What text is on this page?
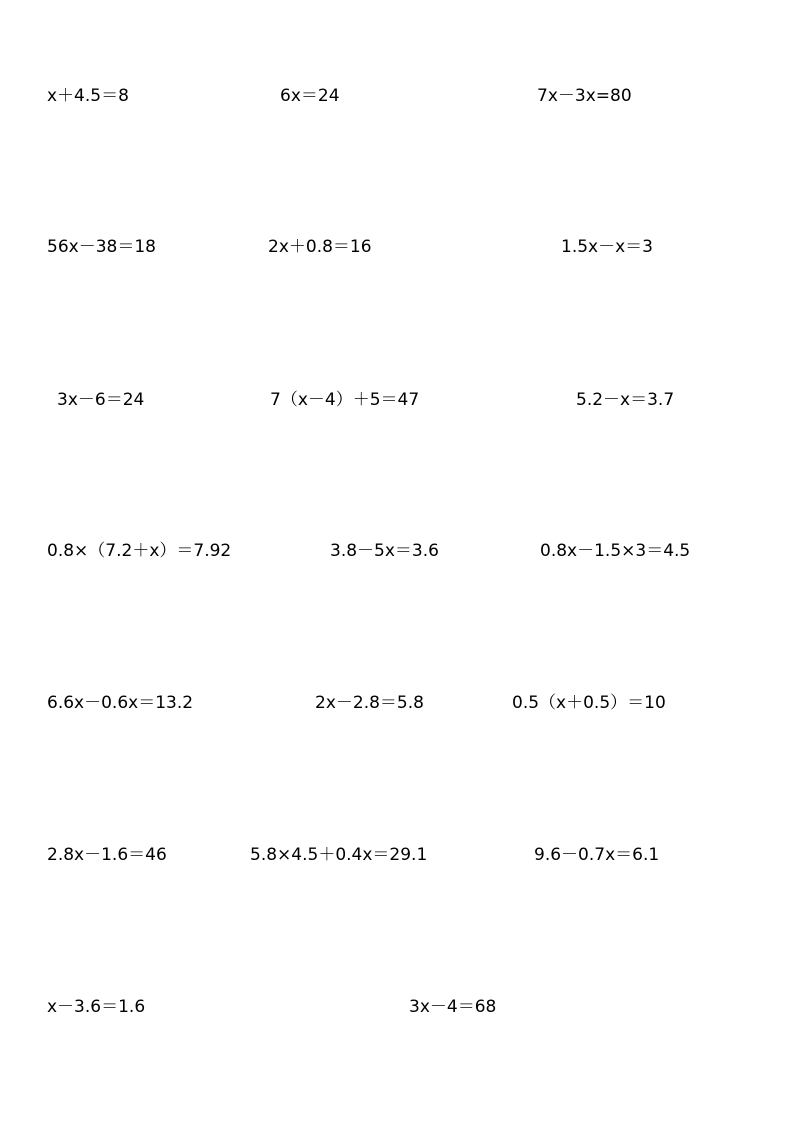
x＋4.5＝8	6x＝24	7x－3x=80
56x－38＝18	2x＋0.8＝16	1.5x－x＝3
3x－6＝24	7（x－4）＋5＝47	5.2－x＝3.7
0.8×（7.2＋x）＝7.92	3.8－5x＝3.6	0.8x－1.5×3＝4.5
6.6x－0.6x＝13.2	2x－2.8＝5.8	0.5（x＋0.5）＝10
2.8x－1.6＝46	5.8×4.5＋0.4x＝29.1	9.6－0.7x＝6.1
x－3.6＝1.6	3x－4＝68
